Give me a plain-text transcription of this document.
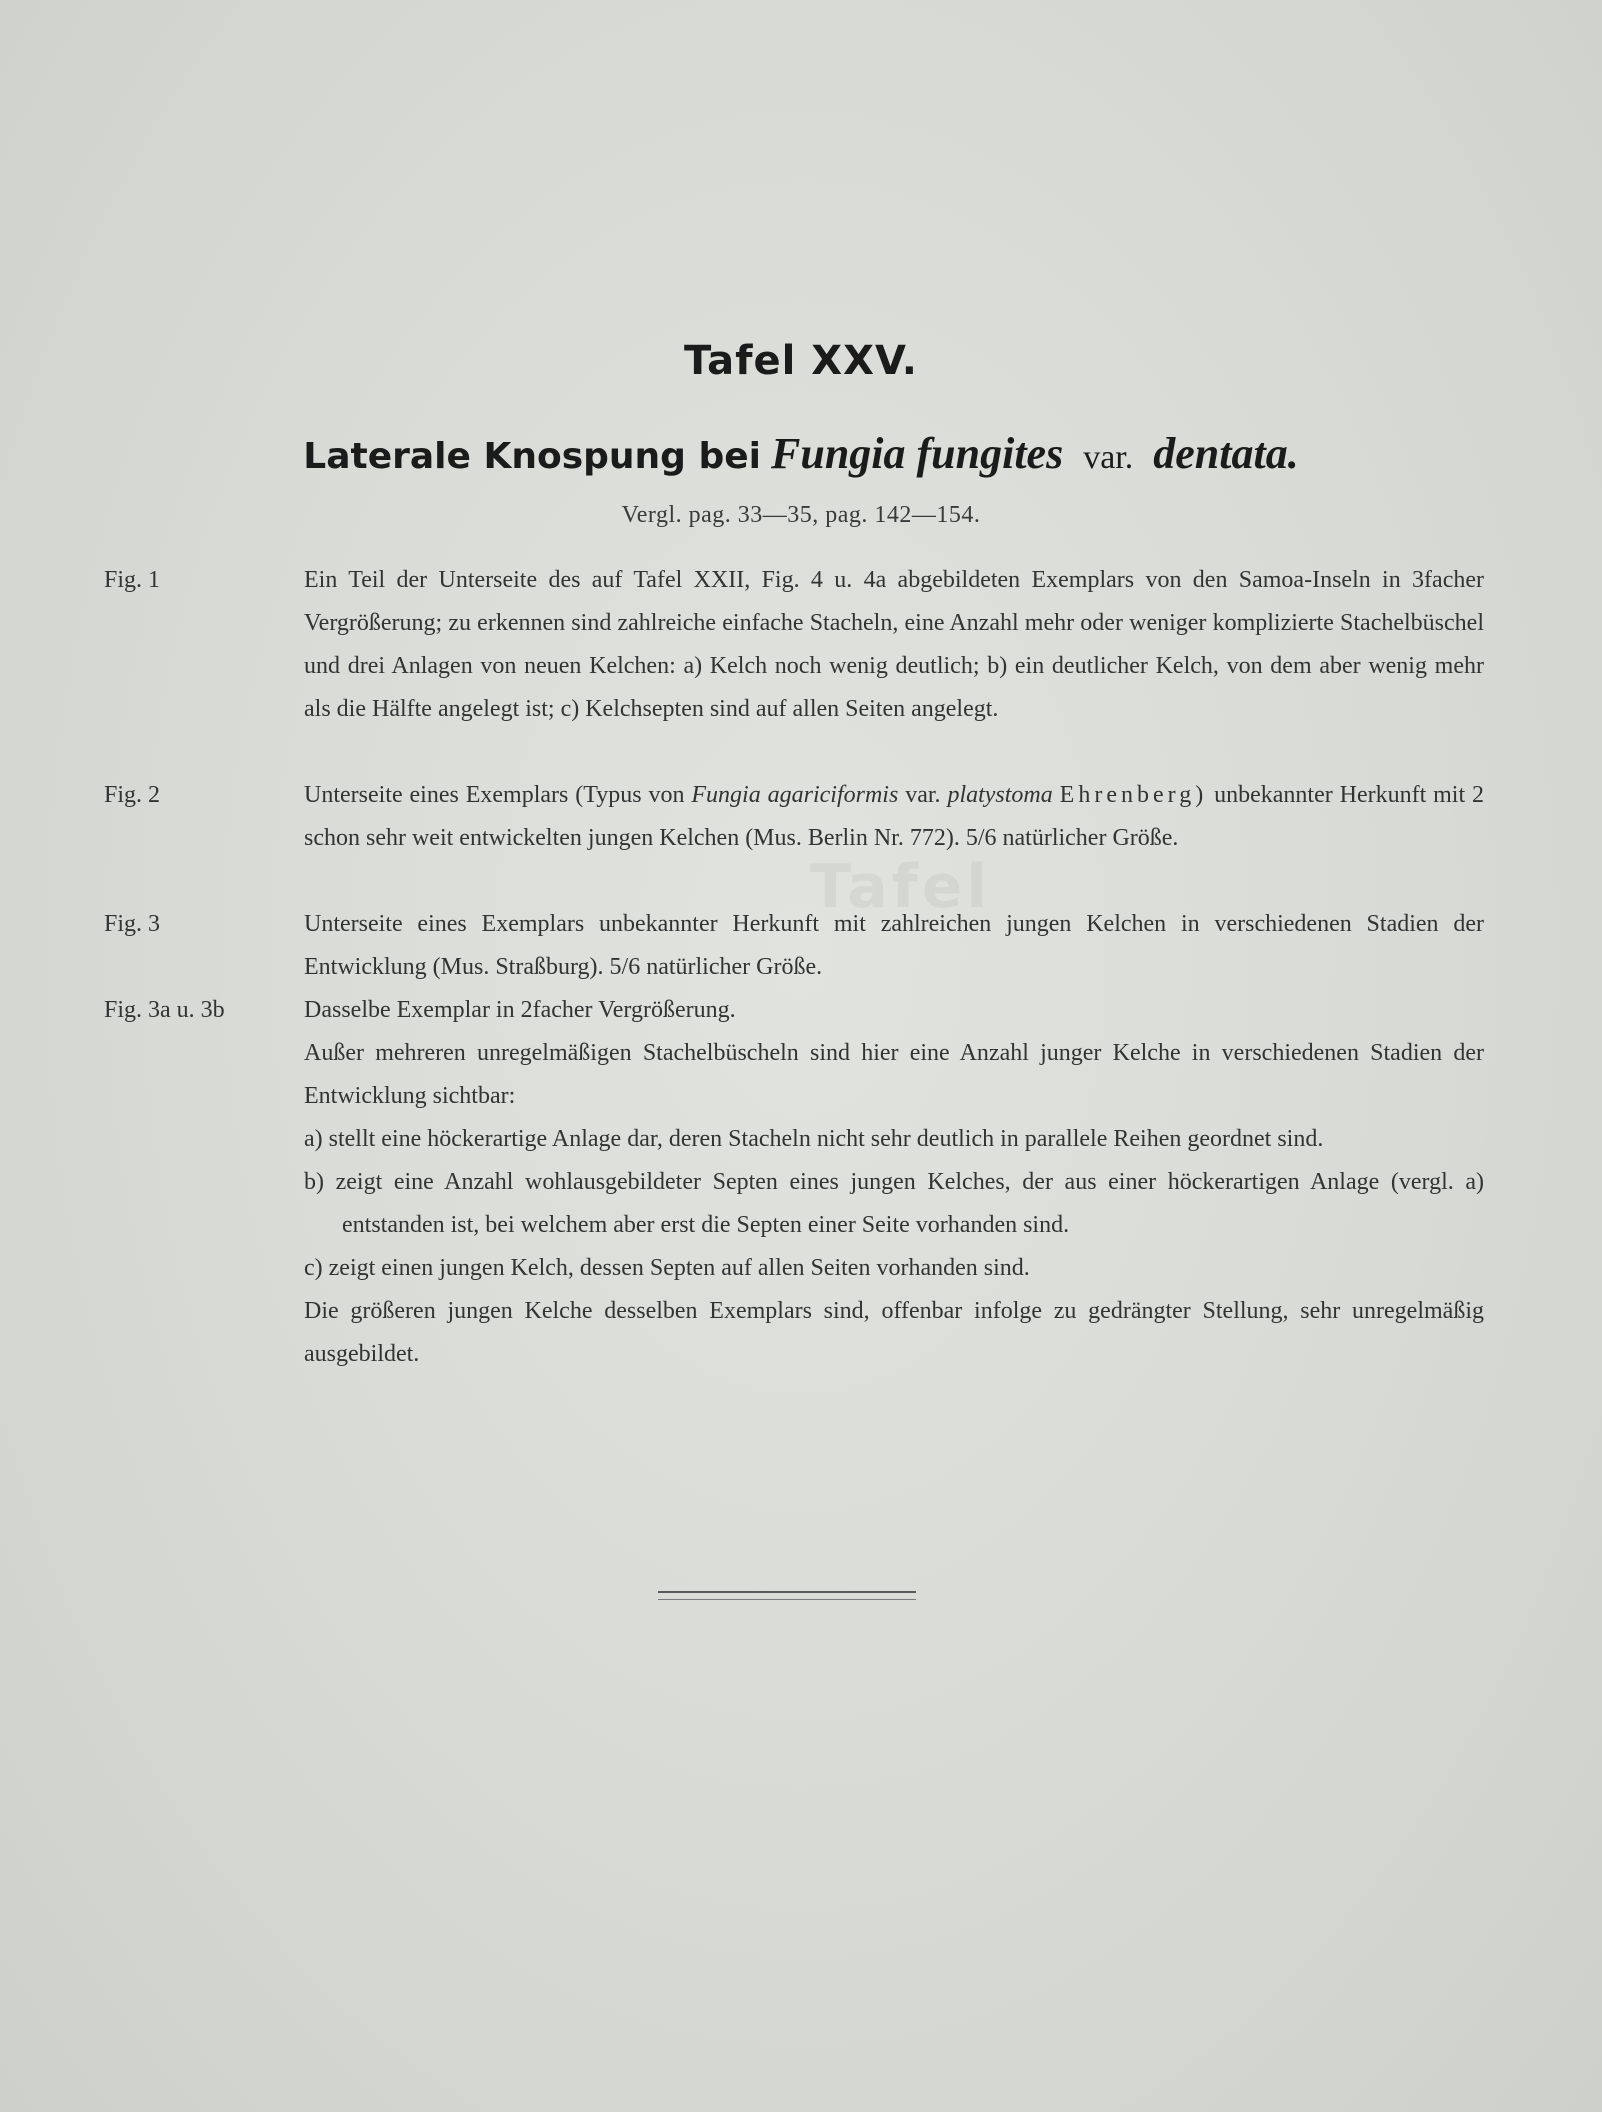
Tafel
Tafel XXV.
Laterale Knospung bei Fungia fungites var. dentata.
Vergl. pag. 33—35, pag. 142—154.
Fig. 1	Ein Teil der Unterseite des auf Tafel XXII, Fig. 4 u. 4a abgebildeten Exemplars von den Samoa-Inseln in 3facher Vergrößerung; zu erkennen sind zahlreiche einfache Stacheln, eine Anzahl mehr oder weniger komplizierte Stachelbüschel und drei Anlagen von neuen Kelchen: a) Kelch noch wenig deutlich; b) ein deutlicher Kelch, von dem aber wenig mehr als die Hälfte angelegt ist; c) Kelchsepten sind auf allen Seiten angelegt.

Fig. 2	Unterseite eines Exemplars (Typus von Fungia agariciformis var. platystoma Ehrenberg) unbekannter Herkunft mit 2 schon sehr weit entwickelten jungen Kelchen (Mus. Berlin Nr. 772). 5/6 natürlicher Größe.

Fig. 3	Unterseite eines Exemplars unbekannter Herkunft mit zahlreichen jungen Kelchen in verschiedenen Stadien der Entwicklung (Mus. Straßburg). 5/6 natürlicher Größe.

Fig. 3a u. 3b	Dasselbe Exemplar in 2facher Vergrößerung.

Außer mehreren unregelmäßigen Stachelbüscheln sind hier eine Anzahl junger Kelche in verschiedenen Stadien der Entwicklung sichtbar:

a) stellt eine höckerartige Anlage dar, deren Stacheln nicht sehr deutlich in parallele Reihen geordnet sind.

b) zeigt eine Anzahl wohlausgebildeter Septen eines jungen Kelches, der aus einer höckerartigen Anlage (vergl. a) entstanden ist, bei welchem aber erst die Septen einer Seite vorhanden sind.

c) zeigt einen jungen Kelch, dessen Septen auf allen Seiten vorhanden sind.

Die größeren jungen Kelche desselben Exemplars sind, offenbar infolge zu gedrängter Stellung, sehr unregelmäßig ausgebildet.
